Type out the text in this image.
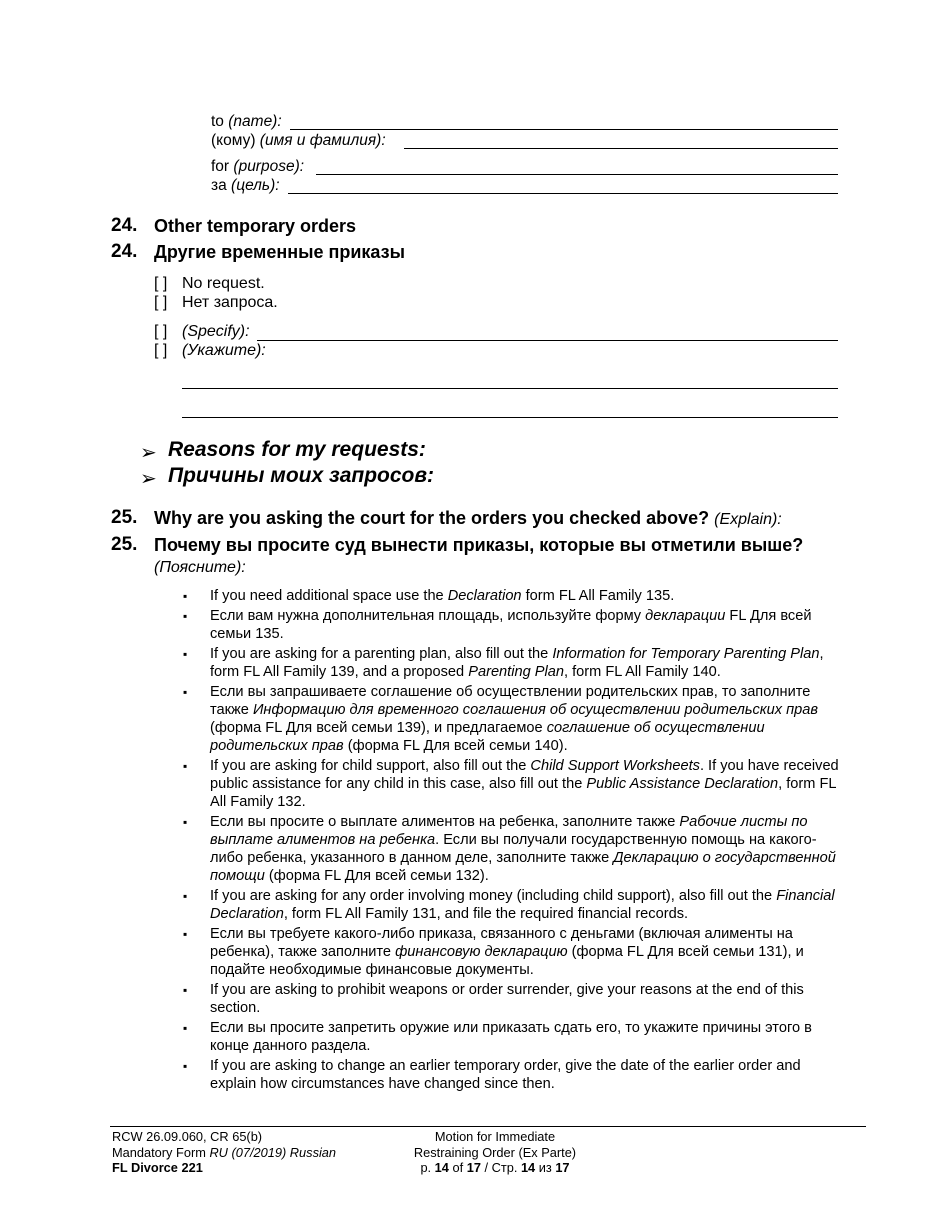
to (name):
(кому) (имя и фамилия):
for (purpose):
за (цель):
24. Other temporary orders
24. Другие временные приказы
[ ] No request.
[ ] Нет запроса.
[ ] (Specify):
[ ] (Укажите):
➢ Reasons for my requests:
➢ Причины моих запросов:
25. Why are you asking the court for the orders you checked above? (Explain):
25. Почему вы просите суд вынести приказы, которые вы отметили выше?
(Поясните):
▪ If you need additional space use the Declaration form FL All Family 135.
▪ Если вам нужна дополнительная площадь, используйте форму декларации FL Для всей семьи 135.
▪ If you are asking for a parenting plan, also fill out the Information for Temporary Parenting Plan, form FL All Family 139, and a proposed Parenting Plan, form FL All Family 140.
▪ Если вы запрашиваете соглашение об осуществлении родительских прав, то заполните также Информацию для временного соглашения об осуществлении родительских прав (форма FL Для всей семьи 139), и предлагаемое соглашение об осуществлении родительских прав (форма FL Для всей семьи 140).
▪ If you are asking for child support, also fill out the Child Support Worksheets. If you have received public assistance for any child in this case, also fill out the Public Assistance Declaration, form FL All Family 132.
▪ Если вы просите о выплате алиментов на ребенка, заполните также Рабочие листы по выплате алиментов на ребенка. Если вы получали государственную помощь на какого-либо ребенка, указанного в данном деле, заполните также Декларацию о государственной помощи (форма FL Для всей семьи 132).
▪ If you are asking for any order involving money (including child support), also fill out the Financial Declaration, form FL All Family 131, and file the required financial records.
▪ Если вы требуете какого-либо приказа, связанного с деньгами (включая алименты на ребенка), также заполните финансовую декларацию (форма FL Для всей семьи 131), и подайте необходимые финансовые документы.
▪ If you are asking to prohibit weapons or order surrender, give your reasons at the end of this section.
▪ Если вы просите запретить оружие или приказать сдать его, то укажите причины этого в конце данного раздела.
▪ If you are asking to change an earlier temporary order, give the date of the earlier order and explain how circumstances have changed since then.
RCW 26.09.060, CR 65(b)
Mandatory Form RU (07/2019) Russian
FL Divorce 221
Motion for Immediate
Restraining Order (Ex Parte)
p. 14 of 17 / Стр. 14 из 17
